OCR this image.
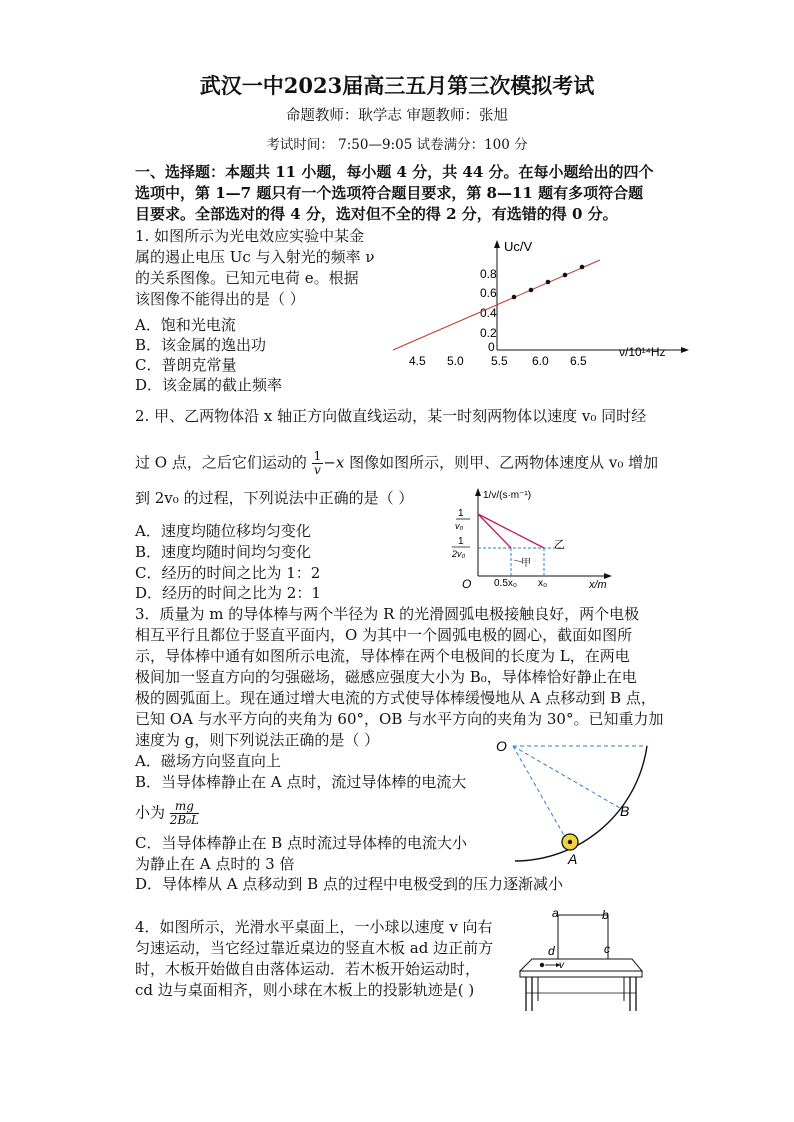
武汉一中2023届高三五月第三次模拟考试
命题教师：耿学志 审题教师：张旭
考试时间： 7:50—9:05 试卷满分：100 分
一、选择题：本题共 11 小题，每小题 4 分，共 44 分。在每小题给出的四个
选项中，第 1—7 题只有一个选项符合题目要求，第 8—11 题有多项符合题
目要求。全部选对的得 4 分，选对但不全的得 2 分，有选错的得 0 分。
1. 如图所示为光电效应实验中某金
属的遏止电压 Uc 与入射光的频率 ν
的关系图像。已知元电荷 e。根据
该图像不能得出的是（ ）
A．饱和光电流
B．该金属的逸出功
C．普朗克常量
D．该金属的截止频率
Uc/V
ν/10¹⁴Hz
0.8
0.6
0.4
0.2
0
4.5 5.0 5.5 6.0 6.5
2. 甲、乙两物体沿 x 轴正方向做直线运动，某一时刻两物体以速度 v₀ 同时经
过 O 点，之后它们运动的 $\frac{1}{v} -x$ 图像如图所示，则甲、乙两物体速度从 v₀ 增加
到 2v₀ 的过程，下列说法中正确的是（ ）
A．速度均随位移均匀变化
B．速度均随时间均匀变化
C．经历的时间之比为 1：2
D．经历的时间之比为 2：1
1/v/(s·m⁻¹)
x/m
O 0.5x₀ x₀
1
v₀
1
2v₀
乙
甲
3．质量为 m 的导体棒与两个半径为 R 的光滑圆弧电极接触良好，两个电极
相互平行且都位于竖直平面内，O 为其中一个圆弧电极的圆心，截面如图所
示，导体棒中通有如图所示电流，导体棒在两个电极间的长度为 L，在两电
极间加一竖直方向的匀强磁场，磁感应强度大小为 B₀，导体棒恰好静止在电
极的圆弧面上。现在通过增大电流的方式使导体棒缓慢地从 A 点移动到 B 点，
已知 OA 与水平方向的夹角为 60°，OB 与水平方向的夹角为 30°。已知重力加
速度为 g，则下列说法正确的是（ ）
A．磁场方向竖直向上
B．当导体棒静止在 A 点时，流过导体棒的电流大
小为 $\frac{mg}{\text{2B₀L}}$
C．当导体棒静止在 B 点时流过导体棒的电流大小
为静止在 A 点时的 3 倍
D．导体棒从 A 点移动到 B 点的过程中电极受到的压力逐渐减小
O
B
A
4．如图所示，光滑水平桌面上，一小球以速度 v 向右
匀速运动，当它经过靠近桌边的竖直木板 ad 边正前方
时，木板开始做自由落体运动．若木板开始运动时，
cd 边与桌面相齐，则小球在木板上的投影轨迹是( )
a	b
c
d
v
